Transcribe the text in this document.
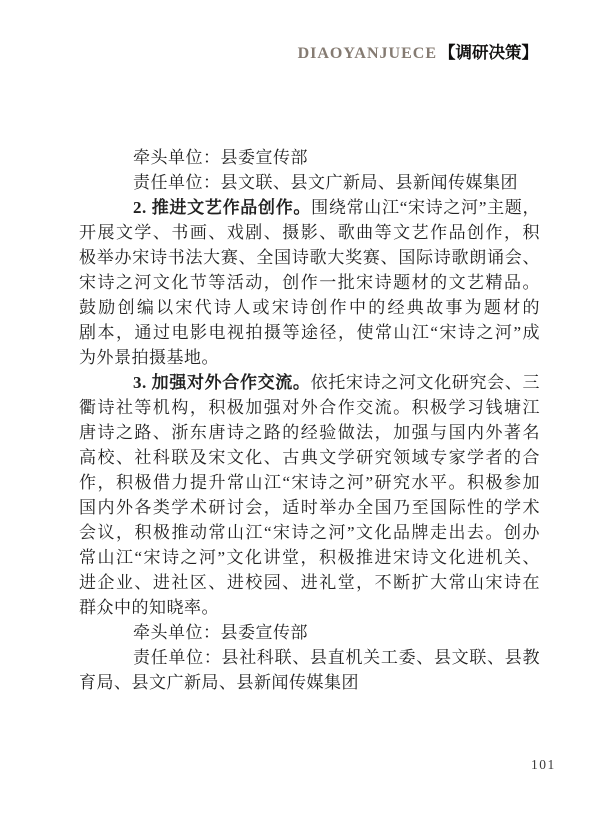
DIAOYANJUECE 【调研决策】
牵头单位：县委宣传部
责任单位：县文联、县文广新局、县新闻传媒集团
2. 推进文艺作品创作。围绕常山江“宋诗之河”主题，
开展文学、书画、戏剧、摄影、歌曲等文艺作品创作，积
极举办宋诗书法大赛、全国诗歌大奖赛、国际诗歌朗诵会、
宋诗之河文化节等活动，创作一批宋诗题材的文艺精品。
鼓励创编以宋代诗人或宋诗创作中的经典故事为题材的
剧本，通过电影电视拍摄等途径，使常山江“宋诗之河”成
为外景拍摄基地。
3. 加强对外合作交流。依托宋诗之河文化研究会、三
衢诗社等机构，积极加强对外合作交流。积极学习钱塘江
唐诗之路、浙东唐诗之路的经验做法，加强与国内外著名
高校、社科联及宋文化、古典文学研究领域专家学者的合
作，积极借力提升常山江“宋诗之河”研究水平。积极参加
国内外各类学术研讨会，适时举办全国乃至国际性的学术
会议，积极推动常山江“宋诗之河”文化品牌走出去。创办
常山江“宋诗之河”文化讲堂，积极推进宋诗文化进机关、
进企业、进社区、进校园、进礼堂，不断扩大常山宋诗在
群众中的知晓率。
牵头单位：县委宣传部
责任单位：县社科联、县直机关工委、县文联、县教
育局、县文广新局、县新闻传媒集团
101
